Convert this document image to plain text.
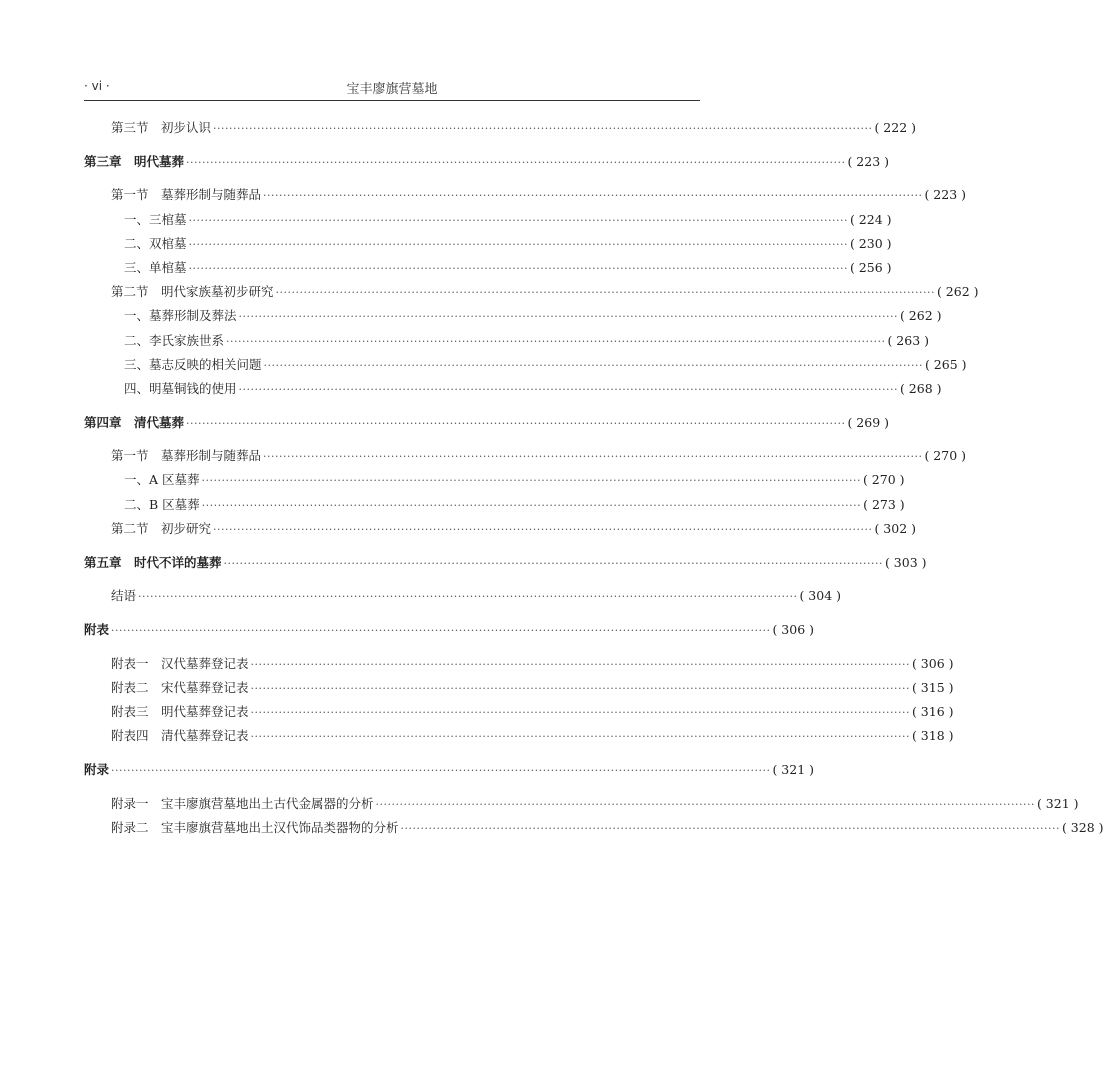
· vi ·	宝丰廖旗营墓地
第三节　初步认识 ····································································································································································· ( 222 )
第三章　明代墓葬 ····································································································································································· ( 223 )
第一节　墓葬形制与随葬品 ····································································································································································· ( 223 )
一、三棺墓 ····································································································································································· ( 224 )
二、双棺墓 ····································································································································································· ( 230 )
三、单棺墓 ····································································································································································· ( 256 )
第二节　明代家族墓初步研究 ····································································································································································· ( 262 )
一、墓葬形制及葬法 ····································································································································································· ( 262 )
二、李氏家族世系 ····································································································································································· ( 263 )
三、墓志反映的相关问题 ····································································································································································· ( 265 )
四、明墓铜钱的使用 ····································································································································································· ( 268 )
第四章　清代墓葬 ····································································································································································· ( 269 )
第一节　墓葬形制与随葬品 ····································································································································································· ( 270 )
一、A 区墓葬 ····································································································································································· ( 270 )
二、B 区墓葬 ····································································································································································· ( 273 )
第二节　初步研究 ····································································································································································· ( 302 )
第五章　时代不详的墓葬 ····································································································································································· ( 303 )
结语 ····································································································································································· ( 304 )
附表 ····································································································································································· ( 306 )
附表一　汉代墓葬登记表 ····································································································································································· ( 306 )
附表二　宋代墓葬登记表 ····································································································································································· ( 315 )
附表三　明代墓葬登记表 ····································································································································································· ( 316 )
附表四　清代墓葬登记表 ····································································································································································· ( 318 )
附录 ····································································································································································· ( 321 )
附录一　宝丰廖旗营墓地出土古代金属器的分析 ····································································································································································· ( 321 )
附录二　宝丰廖旗营墓地出土汉代饰品类器物的分析 ····································································································································································· ( 328 )
